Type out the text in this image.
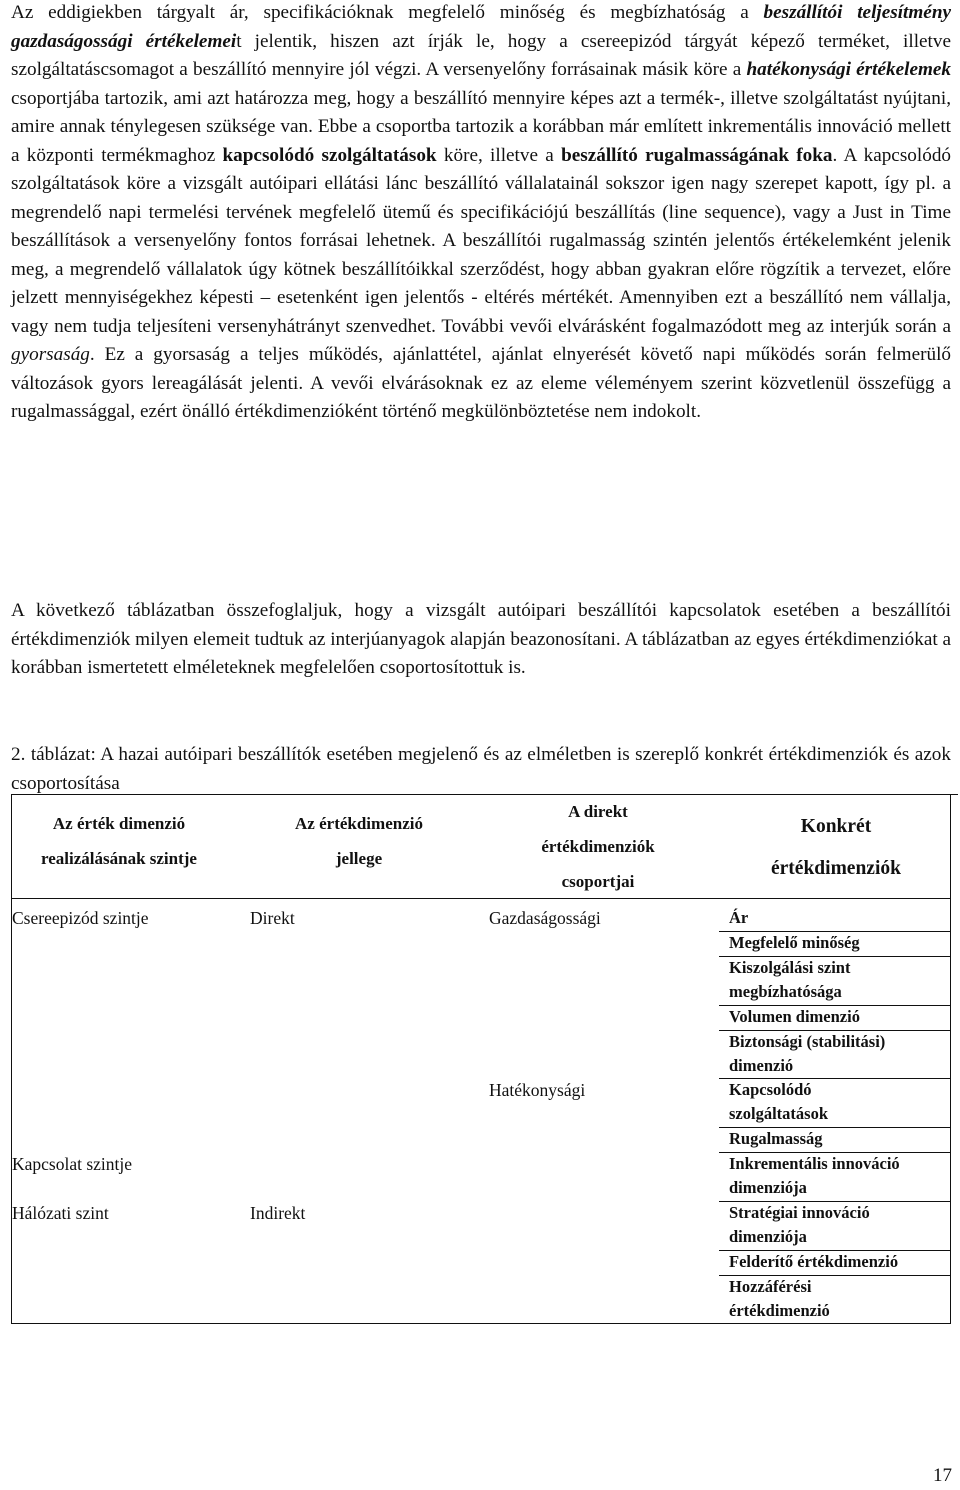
Az eddigiekben tárgyalt ár, specifikációknak megfelelő minőség és megbízhatóság a beszállítói teljesítmény gazdaságossági értékelemeit jelentik, hiszen azt írják le, hogy a csereepizód tárgyát képező terméket, illetve szolgáltatáscsomagot a beszállító mennyire jól végzi. A versenyelőny forrásainak másik köre a hatékonysági értékelemek csoportjába tartozik, ami azt határozza meg, hogy a beszállító mennyire képes azt a termék-, illetve szolgáltatást nyújtani, amire annak ténylegesen szüksége van. Ebbe a csoportba tartozik a korábban már említett inkrementális innováció mellett a központi termékmaghoz kapcsolódó szolgáltatások köre, illetve a beszállító rugalmasságának foka. A kapcsolódó szolgáltatások köre a vizsgált autóipari ellátási lánc beszállító vállalatainál sokszor igen nagy szerepet kapott, így pl. a megrendelő napi termelési tervének megfelelő ütemű és specifikációjú beszállítás (line sequence), vagy a Just in Time beszállítások a versenyelőny fontos forrásai lehetnek. A beszállítói rugalmasság szintén jelentős értékelemként jelenik meg, a megrendelő vállalatok úgy kötnek beszállítóikkal szerződést, hogy abban gyakran előre rögzítik a tervezet, előre jelzett mennyiségekhez képesti – esetenként igen jelentős - eltérés mértékét. Amennyiben ezt a beszállító nem vállalja, vagy nem tudja teljesíteni versenyhátrányt szenvedhet. További vevői elvárásként fogalmazódott meg az interjúk során a gyorsaság. Ez a gyorsaság a teljes működés, ajánlattétel, ajánlat elnyerését követő napi működés során felmerülő változások gyors lereagálását jelenti. A vevői elvárásoknak ez az eleme véleményem szerint közvetlenül összefügg a rugalmassággal, ezért önálló értékdimenzióként történő megkülönböztetése nem indokolt.

A következő táblázatban összefoglaljuk, hogy a vizsgált autóipari beszállítói kapcsolatok esetében a beszállítói értékdimenziók milyen elemeit tudtuk az interjúanyagok alapján beazonosítani. A táblázatban az egyes értékdimenziókat a korábban ismertetett elméleteknek megfelelően csoportosítottuk is.

2. táblázat: A hazai autóipari beszállítók esetében megjelenő és az elméletben is szereplő konkrét értékdimenziók és azok csoportosítása

Az érték dimenzió
realizálásának szintje
Az értékdimenzió
jellege
A direkt
értékdimenziók
csoportjai
Konkrét
értékdimenziók
Csereepizód szintje
Kapcsolat szintje
Hálózati szint
Direkt
Indirekt
Gazdaságossági
Hatékonysági
Ár
Megfelelő minőség
Kiszolgálási szint
megbízhatósága
Volumen dimenzió
Biztonsági (stabilitási)
dimenzió
Kapcsolódó
szolgáltatások
Rugalmasság
Inkrementális innováció
dimenziója
Stratégiai innováció
dimenziója
Felderítő értékdimenzió
Hozzáférési
értékdimenzió
17
